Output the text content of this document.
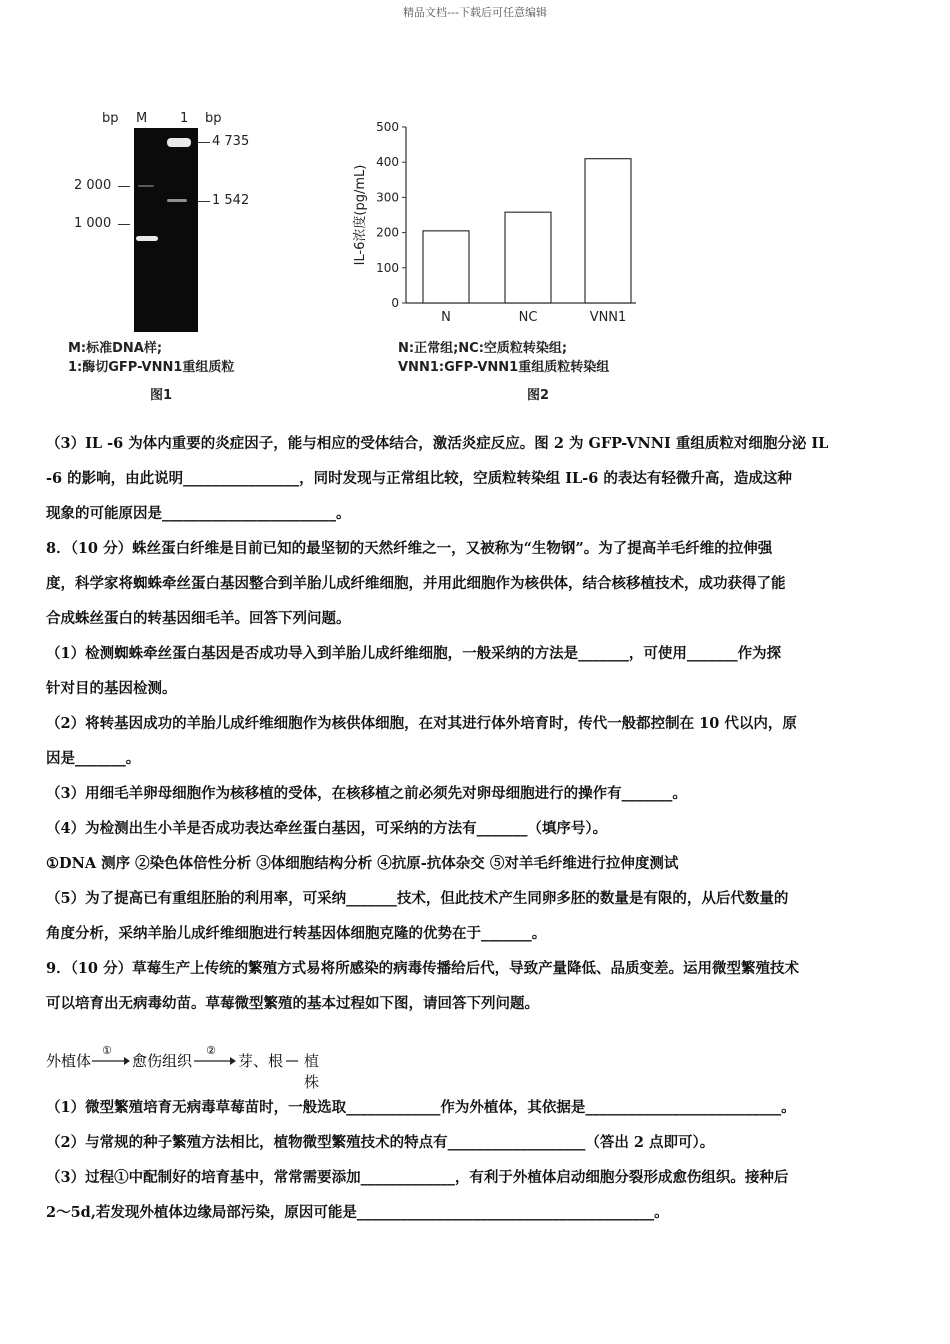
精品文档---下载后可任意编辑
bp M	1 bp
2 000
1 000
4 735
1 542
M:标准DNA样;
1:酶切GFP-VNN1重组质粒
图1
0
100
200
300
400
500
N	NC	VNN1
IL-6浓度(pg/mL)
N:正常组;NC:空质粒转染组;
VNN1:GFP-VNN1重组质粒转染组
图2
（3）IL -6 为体内重要的炎症因子，能与相应的受体结合，激活炎症反应。图 2 为 GFP-VNNI 重组质粒对细胞分泌 IL
-6 的影响，由此说明________________，同时发现与正常组比较，空质粒转染组 IL-6 的表达有轻微升高，造成这种
现象的可能原因是________________________。
8．（10 分）蛛丝蛋白纤维是目前已知的最坚韧的天然纤维之一，又被称为“生物钢”。为了提高羊毛纤维的拉伸强
度，科学家将蜘蛛牵丝蛋白基因整合到羊胎儿成纤维细胞，并用此细胞作为核供体，结合核移植技术，成功获得了能
合成蛛丝蛋白的转基因细毛羊。回答下列问题。
（1）检测蜘蛛牵丝蛋白基因是否成功导入到羊胎儿成纤维细胞，一般采纳的方法是_______，可使用_______作为探
针对目的基因检测。
（2）将转基因成功的羊胎儿成纤维细胞作为核供体细胞，在对其进行体外培育时，传代一般都控制在 10 代以内，原
因是_______。
（3）用细毛羊卵母细胞作为核移植的受体，在核移植之前必须先对卵母细胞进行的操作有_______。
（4）为检测出生小羊是否成功表达牵丝蛋白基因，可采纳的方法有_______（填序号）。
①DNA 测序 ②染色体倍性分析 ③体细胞结构分析 ④抗原-抗体杂交 ⑤对羊毛纤维进行拉伸度测试
（5）为了提高已有重组胚胎的利用率，可采纳_______技术，但此技术产生同卵多胚的数量是有限的，从后代数量的
角度分析，采纳羊胎儿成纤维细胞进行转基因体细胞克隆的优势在于_______。
9．（10 分）草莓生产上传统的繁殖方式易将所感染的病毒传播给后代，导致产量降低、品质变差。运用微型繁殖技术
可以培育出无病毒幼苗。草莓微型繁殖的基本过程如下图，请回答下列问题。
外植体
①
愈伤组织
②
芽、根 植株
（1）微型繁殖培育无病毒草莓苗时，一般选取_____________作为外植体，其依据是___________________________。
（2）与常规的种子繁殖方法相比，植物微型繁殖技术的特点有___________________（答出 2 点即可）。
（3）过程①中配制好的培育基中，常常需要添加_____________，有利于外植体启动细胞分裂形成愈伤组织。接种后
2～5d,若发现外植体边缘局部污染，原因可能是_________________________________________。
